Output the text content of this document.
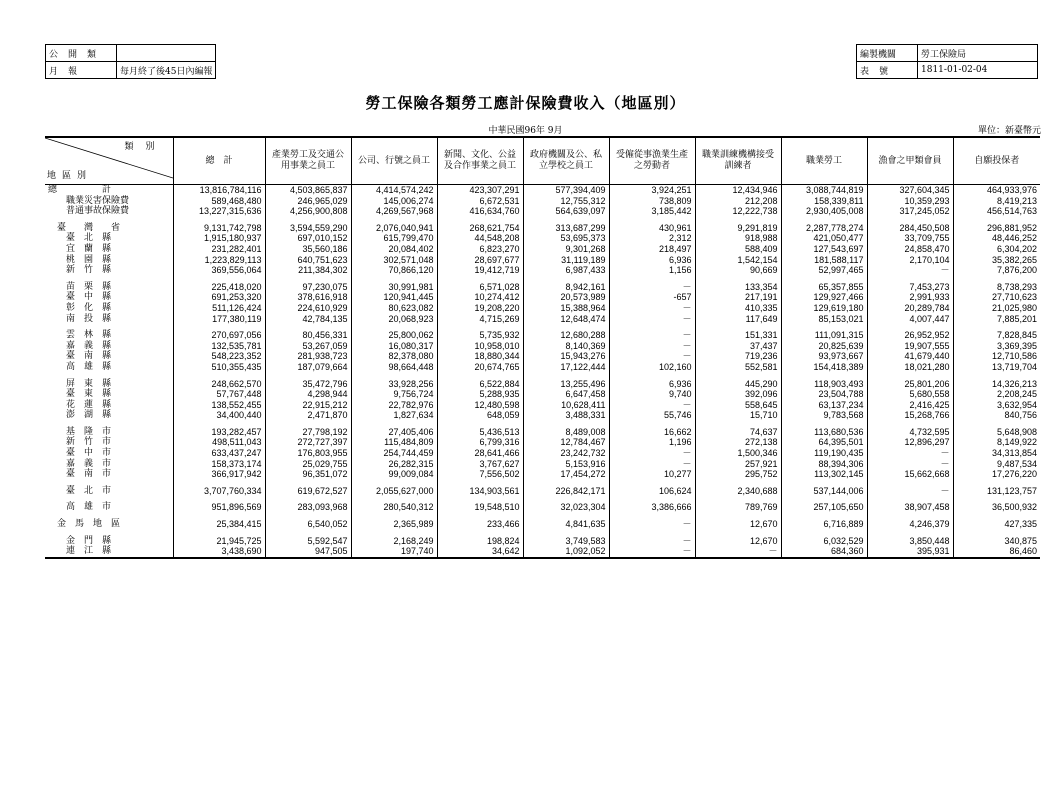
公開類	
月報	每月終了後45日內編報
編製機關	勞工保險局
表號	1811-01-02-04
勞工保險各類勞工應計保險費收入（地區別）
中華民國96年 9月	單位：新臺幣元
類別
地區別	總　計	產業勞工及交通公用事業之員工	公司、行號之員工	新聞、文化、公益及合作事業之員工	政府機關及公、私立學校之員工	受僱從事漁業生產之勞動者	職業訓練機構接受訓練者	職業勞工	漁會之甲類會員	自願投保者
總　　　　　計	13,816,784,116	4,503,865,837	4,414,574,242	423,307,291	577,394,409	3,924,251	12,434,946	3,088,744,819	327,604,345	464,933,976
　　職業災害保險費	589,468,480	246,965,029	145,006,274	6,672,531	12,755,312	738,809	212,208	158,339,811	10,359,293	8,419,213
　　普通事故保險費	13,227,315,636	4,256,900,808	4,269,567,968	416,634,760	564,639,097	3,185,442	12,222,738	2,930,405,008	317,245,052	456,514,763

　臺　　灣　　省	9,131,742,798	3,594,559,290	2,076,040,941	268,621,754	313,687,299	430,961	9,291,819	2,287,778,274	284,450,508	296,881,952
　　臺　北　縣	1,915,180,937	697,010,152	615,799,470	44,548,208	53,695,373	2,312	918,988	421,050,477	33,709,755	48,446,252
　　宜　蘭　縣	231,282,401	35,560,186	20,084,402	6,823,270	9,301,268	218,497	588,409	127,543,697	24,858,470	6,304,202
　　桃　園　縣	1,223,829,113	640,751,623	302,571,048	28,697,677	31,119,189	6,936	1,542,154	181,588,117	2,170,104	35,382,265
　　新　竹　縣	369,556,064	211,384,302	70,866,120	19,412,719	6,987,433	1,156	90,669	52,997,465	－	7,876,200

　　苗　栗　縣	225,418,020	97,230,075	30,991,981	6,571,028	8,942,161	－	133,354	65,357,855	7,453,273	8,738,293
　　臺　中　縣	691,253,320	378,616,918	120,941,445	10,274,412	20,573,989	-657	217,191	129,927,466	2,991,933	27,710,623
　　彰　化　縣	511,126,424	224,610,929	80,623,082	19,208,220	15,388,964	－	410,335	129,619,180	20,289,784	21,025,980
　　南　投　縣	177,380,119	42,784,135	20,068,923	4,715,269	12,648,474	－	117,649	85,153,021	4,007,447	7,885,201

　　雲　林　縣	270,697,056	80,456,331	25,800,062	5,735,932	12,680,288	－	151,331	111,091,315	26,952,952	7,828,845
　　嘉　義　縣	132,535,781	53,267,059	16,080,317	10,958,010	8,140,369	－	37,437	20,825,639	19,907,555	3,369,395
　　臺　南　縣	548,223,352	281,938,723	82,378,080	18,880,344	15,943,276	－	719,236	93,973,667	41,679,440	12,710,586
　　高　雄　縣	510,355,435	187,079,664	98,664,448	20,674,765	17,122,444	102,160	552,581	154,418,389	18,021,280	13,719,704

　　屏　東　縣	248,662,570	35,472,796	33,928,256	6,522,884	13,255,496	6,936	445,290	118,903,493	25,801,206	14,326,213
　　臺　東　縣	57,767,448	4,298,944	9,756,724	5,288,935	6,647,458	9,740	392,096	23,504,788	5,680,558	2,208,245
　　花　蓮　縣	138,552,455	22,915,212	22,782,976	12,480,598	10,628,411	－	558,645	63,137,234	2,416,425	3,632,954
　　澎　湖　縣	34,400,440	2,471,870	1,827,634	648,059	3,488,331	55,746	15,710	9,783,568	15,268,766	840,756

　　基　隆　市	193,282,457	27,798,192	27,405,406	5,436,513	8,489,008	16,662	74,637	113,680,536	4,732,595	5,648,908
　　新　竹　市	498,511,043	272,727,397	115,484,809	6,799,316	12,784,467	1,196	272,138	64,395,501	12,896,297	8,149,922
　　臺　中　市	633,437,247	176,803,955	254,744,459	28,641,466	23,242,732	－	1,500,346	119,190,435	－	34,313,854
　　嘉　義　市	158,373,174	25,029,755	26,282,315	3,767,627	5,153,916	－	257,921	88,394,306	－	9,487,534
　　臺　南　市	366,917,942	96,351,072	99,009,084	7,556,502	17,454,272	10,277	295,752	113,302,145	15,662,668	17,276,220

　　臺　北　市	3,707,760,334	619,672,527	2,055,627,000	134,903,561	226,842,171	106,624	2,340,688	537,144,006	－	131,123,757

　　高　雄　市	951,896,569	283,093,968	280,540,312	19,548,510	32,023,304	3,386,666	789,769	257,105,650	38,907,458	36,500,932

　金　馬　地　區	25,384,415	6,540,052	2,365,989	233,466	4,841,635	－	12,670	6,716,889	4,246,379	427,335

　　金　門　縣	21,945,725	5,592,547	2,168,249	198,824	3,749,583	－	12,670	6,032,529	3,850,448	340,875
　　連　江　縣	3,438,690	947,505	197,740	34,642	1,092,052	－	－	684,360	395,931	86,460
